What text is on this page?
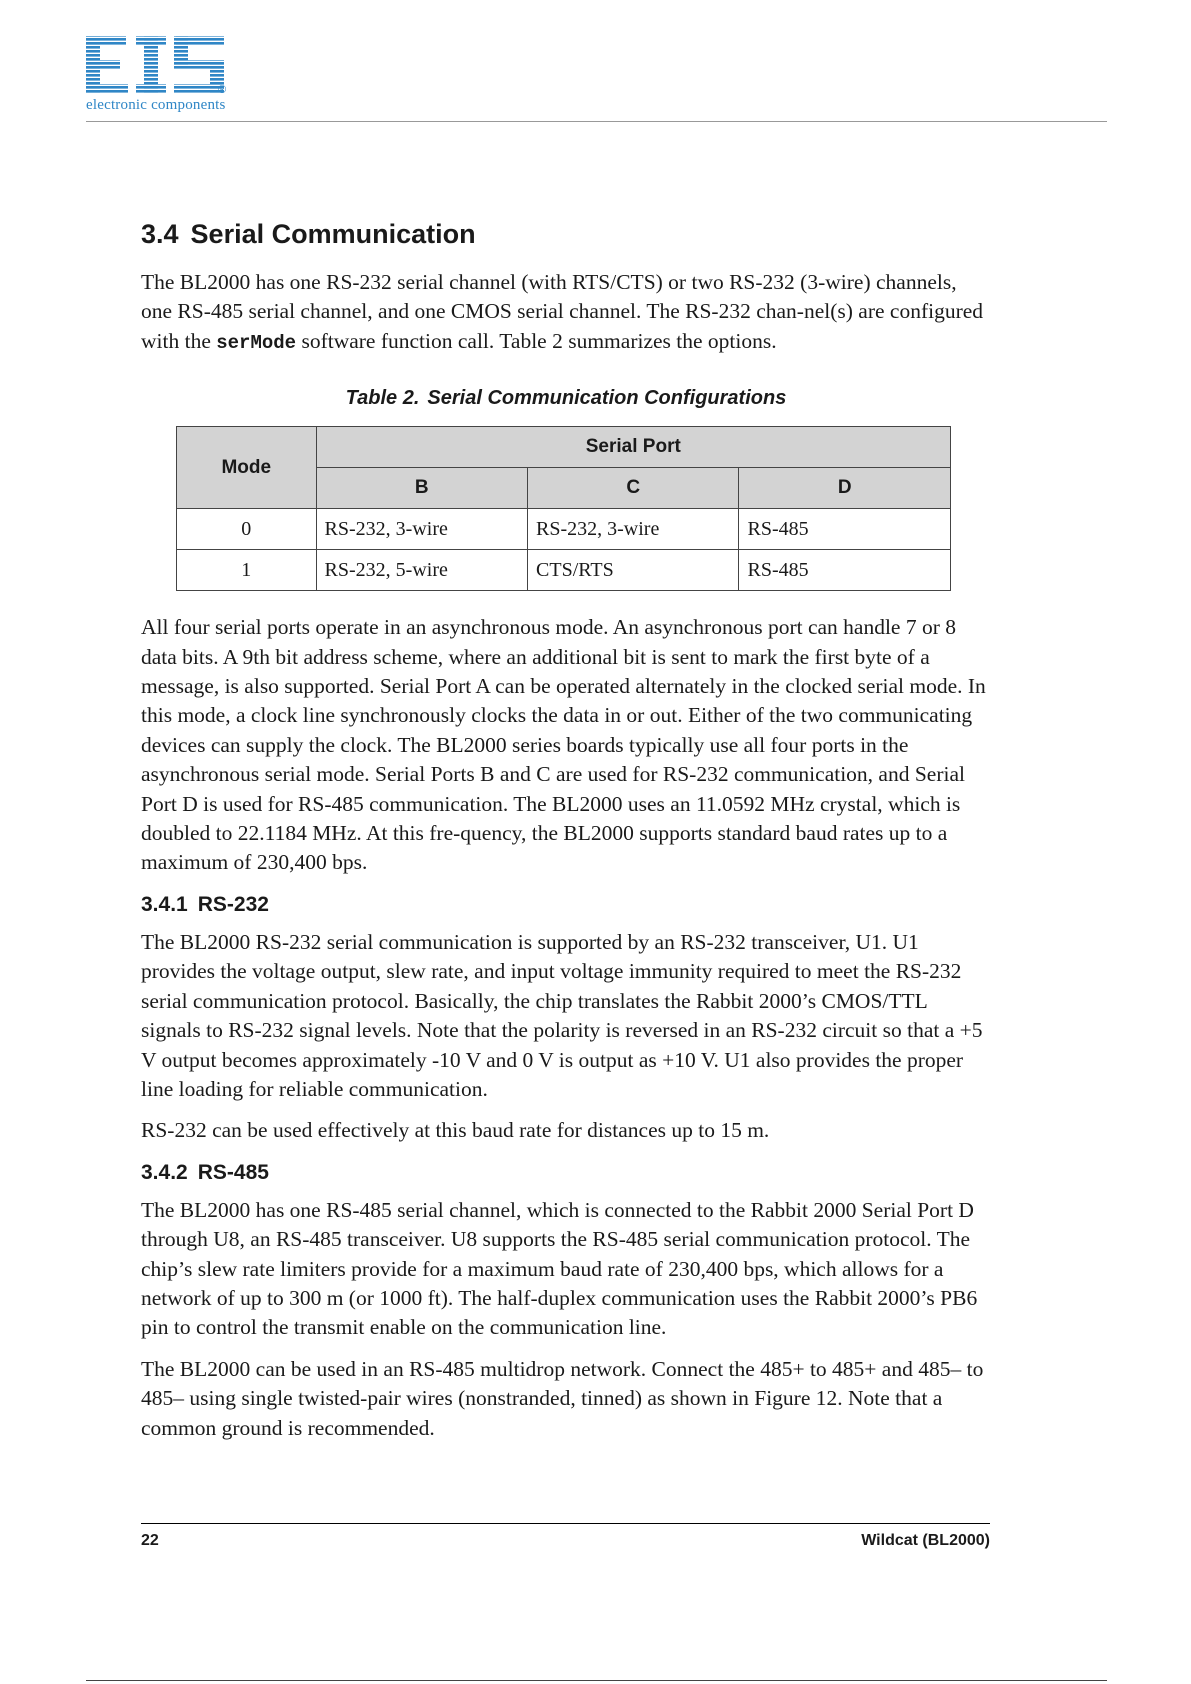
®
electronic components
3.4 Serial Communication

The BL2000 has one RS-232 serial channel (with RTS/CTS) or two RS-232 (3-wire) channels, one RS-485 serial channel, and one CMOS serial channel. The RS-232 chan-nel(s) are configured with the serMode software function call. Table 2 summarizes the options.

Table 2. Serial Communication Configurations
Mode	Serial Port		
	B	C	D
0	RS-232, 3-wire	RS-232, 3-wire	RS-485
1	RS-232, 5-wire	CTS/RTS	RS-485

All four serial ports operate in an asynchronous mode. An asynchronous port can handle 7 or 8 data bits. A 9th bit address scheme, where an additional bit is sent to mark the first byte of a message, is also supported. Serial Port A can be operated alternately in the clocked serial mode. In this mode, a clock line synchronously clocks the data in or out. Either of the two communicating devices can supply the clock. The BL2000 series boards typically use all four ports in the asynchronous serial mode. Serial Ports B and C are used for RS-232 communication, and Serial Port D is used for RS-485 communication. The BL2000 uses an 11.0592 MHz crystal, which is doubled to 22.1184 MHz. At this fre-quency, the BL2000 supports standard baud rates up to a maximum of 230,400 bps.

3.4.1 RS-232

The BL2000 RS-232 serial communication is supported by an RS-232 transceiver, U1. U1 provides the voltage output, slew rate, and input voltage immunity required to meet the RS-232 serial communication protocol. Basically, the chip translates the Rabbit 2000’s CMOS/TTL signals to RS-232 signal levels. Note that the polarity is reversed in an RS-232 circuit so that a +5 V output becomes approximately -10 V and 0 V is output as +10 V. U1 also provides the proper line loading for reliable communication.

RS-232 can be used effectively at this baud rate for distances up to 15 m.

3.4.2 RS-485

The BL2000 has one RS-485 serial channel, which is connected to the Rabbit 2000 Serial Port D through U8, an RS-485 transceiver. U8 supports the RS-485 serial communication protocol. The chip’s slew rate limiters provide for a maximum baud rate of 230,400 bps, which allows for a network of up to 300 m (or 1000 ft). The half-duplex communication uses the Rabbit 2000’s PB6 pin to control the transmit enable on the communication line.

The BL2000 can be used in an RS-485 multidrop network. Connect the 485+ to 485+ and 485– to 485– using single twisted-pair wires (nonstranded, tinned) as shown in Figure 12. Note that a common ground is recommended.

22	Wildcat (BL2000)
